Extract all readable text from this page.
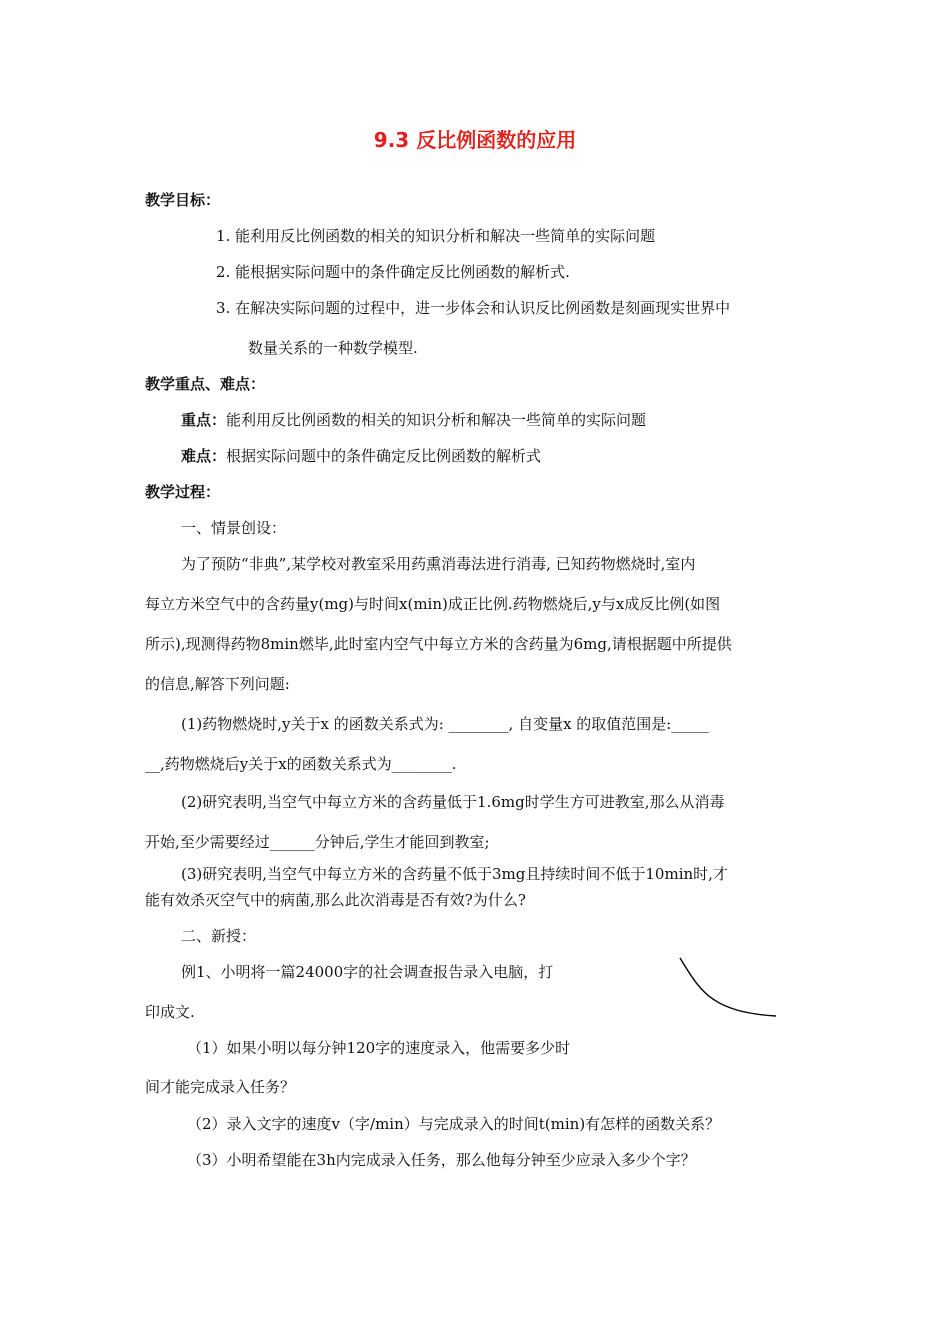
9.3 反比例函数的应用
教学目标：
1. 能利用反比例函数的相关的知识分析和解决一些简单的实际问题
2. 能根据实际问题中的条件确定反比例函数的解析式.
3. 在解决实际问题的过程中，进一步体会和认识反比例函数是刻画现实世界中
数量关系的一种数学模型.
教学重点、难点：
重点：能利用反比例函数的相关的知识分析和解决一些简单的实际问题
难点：根据实际问题中的条件确定反比例函数的解析式
教学过程：
一、情景创设：
为了预防“非典”,某学校对教室采用药熏消毒法进行消毒, 已知药物燃烧时,室内
每立方米空气中的含药量y(mg)与时间x(min)成正比例.药物燃烧后,y与x成反比例(如图
所示),现测得药物8min燃毕,此时室内空气中每立方米的含药量为6mg,请根据题中所提供
的信息,解答下列问题:
(1)药物燃烧时,y关于x 的函数关系式为: ________, 自变量x 的取值范围是:_____
__,药物燃烧后y关于x的函数关系式为________.
(2)研究表明,当空气中每立方米的含药量低于1.6mg时学生方可进教室,那么从消毒
开始,至少需要经过______分钟后,学生才能回到教室;
(3)研究表明,当空气中每立方米的含药量不低于3mg且持续时间不低于10min时,才
能有效杀灭空气中的病菌,那么此次消毒是否有效?为什么?
二、新授：
例1、小明将一篇24000字的社会调查报告录入电脑，打
印成文.
（1）如果小明以每分钟120字的速度录入，他需要多少时
间才能完成录入任务？
（2）录入文字的速度v（字/min）与完成录入的时间t(min)有怎样的函数关系？
（3）小明希望能在3h内完成录入任务，那么他每分钟至少应录入多少个字？
